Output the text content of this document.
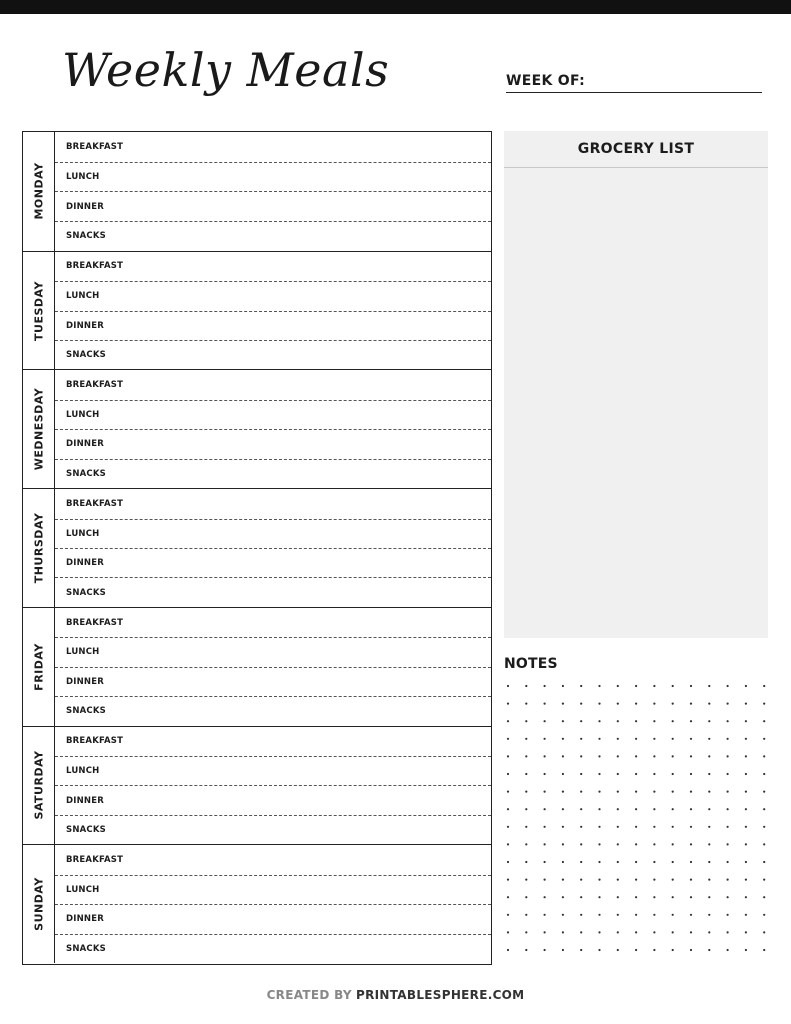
Weekly Meals	WEEK OF:
MONDAY
BREAKFAST
LUNCH
DINNER
SNACKS
TUESDAY
BREAKFAST
LUNCH
DINNER
SNACKS
WEDNESDAY
BREAKFAST
LUNCH
DINNER
SNACKS
THURSDAY
BREAKFAST
LUNCH
DINNER
SNACKS
FRIDAY
BREAKFAST
LUNCH
DINNER
SNACKS
SATURDAY
BREAKFAST
LUNCH
DINNER
SNACKS
SUNDAY
BREAKFAST
LUNCH
DINNER
SNACKS
GROCERY LIST
NOTES
CREATED BY PRINTABLESPHERE.COM
